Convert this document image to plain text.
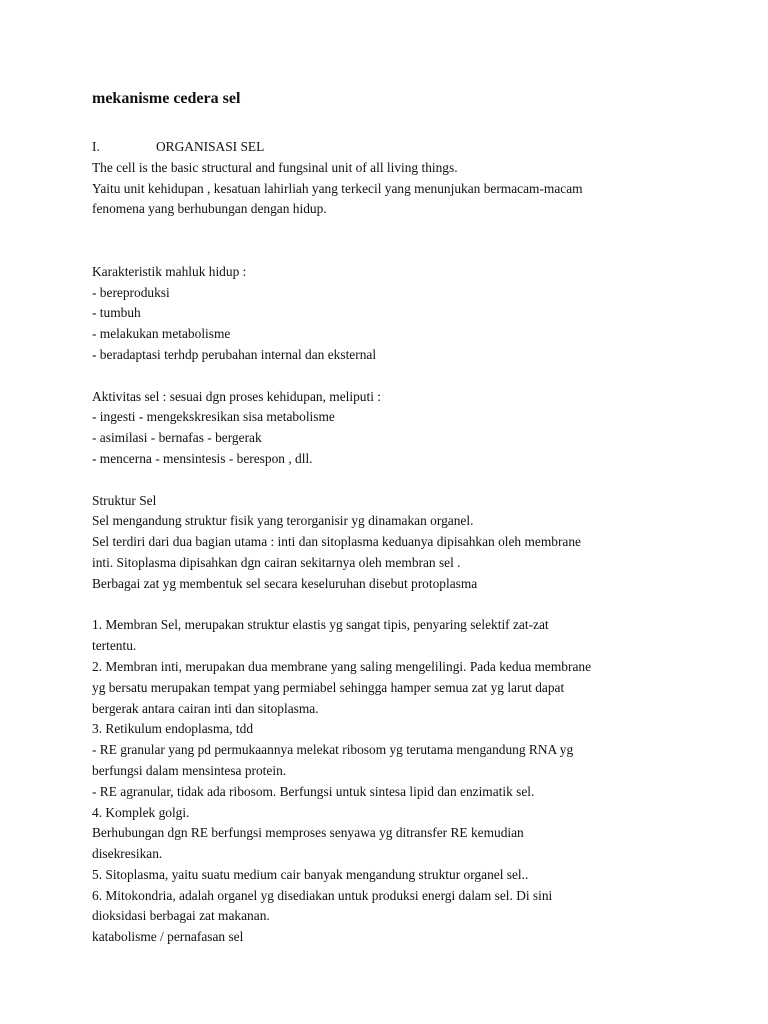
mekanisme cedera sel
I.	ORGANISASI SEL
The cell is the basic structural and fungsinal unit of all living things.
Yaitu unit kehidupan , kesatuan lahirliah yang terkecil yang menunjukan bermacam-macam
fenomena yang berhubungan dengan hidup.
Karakteristik mahluk hidup :
- bereproduksi
- tumbuh
- melakukan metabolisme
- beradaptasi terhdp perubahan internal dan eksternal
Aktivitas sel : sesuai dgn proses kehidupan, meliputi :
- ingesti - mengekskresikan sisa metabolisme
- asimilasi - bernafas - bergerak
- mencerna - mensintesis - berespon , dll.
Struktur Sel
Sel mengandung struktur fisik yang terorganisir yg dinamakan organel.
Sel terdiri dari dua bagian utama : inti dan sitoplasma keduanya dipisahkan oleh membrane
inti. Sitoplasma dipisahkan dgn cairan sekitarnya oleh membran sel .
Berbagai zat yg membentuk sel secara keseluruhan disebut protoplasma
1. Membran Sel, merupakan struktur elastis yg sangat tipis, penyaring selektif zat-zat
tertentu.
2. Membran inti, merupakan dua membrane yang saling mengelilingi. Pada kedua membrane
yg bersatu merupakan tempat yang permiabel sehingga hamper semua zat yg larut dapat
bergerak antara cairan inti dan sitoplasma.
3. Retikulum endoplasma, tdd
- RE granular yang pd permukaannya melekat ribosom yg terutama mengandung RNA yg
berfungsi dalam mensintesa protein.
- RE agranular, tidak ada ribosom. Berfungsi untuk sintesa lipid dan enzimatik sel.
4. Komplek golgi.
Berhubungan dgn RE berfungsi memproses senyawa yg ditransfer RE kemudian
disekresikan.
5. Sitoplasma, yaitu suatu medium cair banyak mengandung struktur organel sel..
6. Mitokondria, adalah organel yg disediakan untuk produksi energi dalam sel. Di sini
dioksidasi berbagai zat makanan.
katabolisme / pernafasan sel
